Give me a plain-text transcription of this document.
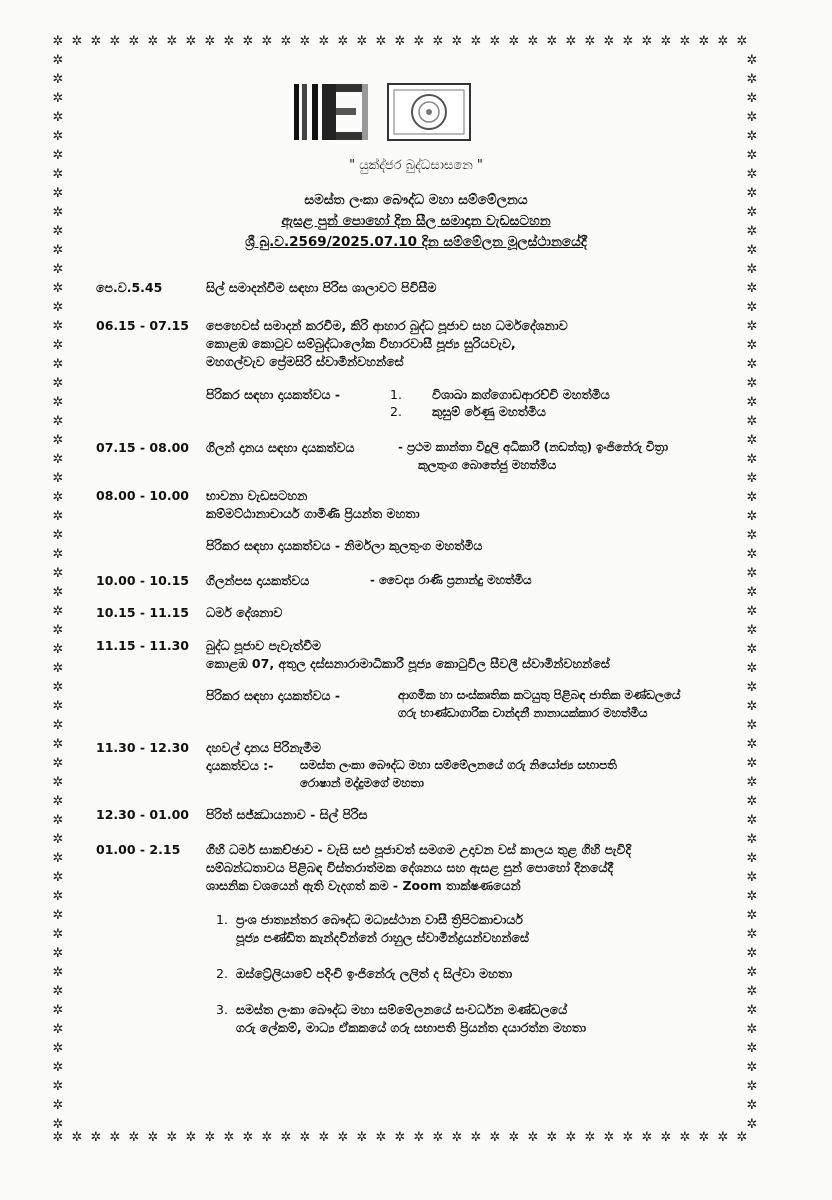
✲
✲
✲
✲
✲
✲
✲
✲
✲
✲
✲
✲
✲
✲
✲
✲
✲
✲
✲
✲
✲
✲
✲
✲
✲
✲
✲
✲
✲
✲
✲
✲
✲
✲
✲
✲
✲
✲
✲
✲
✲
✲
✲
✲
✲
✲
✲
✲
✲
✲
✲
✲
✲
✲
✲
✲
✲
✲
✲
✲
✲
✲
✲
✲
✲
✲
✲
✲
✲
✲
✲
✲
✲
✲
✲	✲
✲	✲
✲	✲
✲	✲
✲	✲
✲	✲
✲	✲
✲	✲
✲	✲
✲	✲
✲	✲
✲	✲
✲	✲
✲	✲
✲	✲
✲	✲
✲	✲
✲	✲
✲	✲
✲	✲
✲	✲
✲	✲
✲	✲
✲	✲
✲	✲
✲	✲
✲	✲
✲	✲
✲	✲
✲	✲
✲	✲
✲	✲
✲	✲
✲	✲
✲	✲
✲	✲
✲	✲
✲	✲
✲	✲
✲	✲
✲	✲
✲	✲
✲	✲
✲	✲
✲	✲
✲	✲
✲	✲
✲	✲
✲	✲
✲	✲
✲	✲
✲	✲
✲	✲
✲	✲
✲	✲
✲	✲
✲	✲
" යුක්ද්ජර බුද්ධසාසනෙ "
සමස්ත ලංකා බෞද්ධ මහා සම්මේලනය
ඇසළ පුන් පොහෝ දින සීල සමාදාන වැඩසටහන
ශ්‍රී බු.ව.2569/2025.07.10 දින සම්මේලන මූලස්ථානයේදී
පෙ.ව.5.45	සිල් සමාදන්වීම සඳහා පිරිස ශාලාවට පිවිසීම
06.15 - 07.15 පෙහෙවස් සමාදන් කරවීම, කිරි ආහාර බුද්ධ පූජාව සහ ධර්මදේශනාව
කොළඹ කොටුව සම්බුද්ධාලෝක විහාරවාසී පූජ්‍ය සුරියවැව,
මහගල්වැව ප්‍රේමසිරි ස්වාමින්වහන්සේ
පිරිකර සඳහා දායකත්වය -	1. විශාඛා කග්ගොඩආරච්චි මහත්මිය
2. කුසුම් රේණු මහත්මිය
07.15 - 08.00 ගිලන් දානය සඳහා දායකත්වය	- ප්‍රථම කාන්තා විදුලි අධිකාරී (නඩත්තු) ඉංජිනේරු චිත්‍රා
කුලතුංග බොතේජු මහත්මිය
08.00 - 10.00 භාවනා වැඩසටහන
කම්මට්ඨානාචාර්ය ගාමිණි ප්‍රියන්ත මහතා
පිරිකර සඳහා දායකත්වය - නිර්මලා කුලතුංග මහත්මිය
10.00 - 10.15 ගිලන්පස දායකත්වය	- වෛද්‍ය රාණි ප්‍රනාන්දු මහත්මිය
10.15 - 11.15 ධර්ම දේශනාව
11.15 - 11.30 බුද්ධ පූජාව පැවැත්වීම
කොළඹ 07, අතුල දස්සනාරාමාධිකාරී පූජ්‍ය කොටුවිල සීවලී ස්වාමින්වහන්සේ
පිරිකර සඳහා දායකත්වය -	ආගමික හා සංස්කෘතික කටයුතු පිළිබඳ ජාතික මණ්ඩලයේ
ගරු භාණ්ඩාගාරික චාන්දනී නානායක්කාර මහත්මිය
11.30 - 12.30 දහවල් දානය පිරිනැමීම
දායකත්වය :- සමස්ත ලංකා බෞද්ධ මහා සම්මේලනයේ ගරු නියෝජ්‍ය සභාපති
රොෂාන් මද්දුමගේ මහතා
12.30 - 01.00 පිරිත් සජ්ඣායනාව - සිල් පිරිස
01.00 - 2.15 ගිහි ධර්ම සාකච්ඡාව - වැසි සළු පූජාවත් සමගම උදාවන වස් කාලය තුළ ගිහි පැවිදි
සම්බන්ධතාවය පිළිබඳ විස්තරාත්මක දේශනය සහ ඇසළ පුන් පොහෝ දිනයේදී
ශාසනික වශයෙන් ඇති වැදගත් කම - Zoom තාක්ෂණයෙන්
1. ප්‍රංශ ජාත්‍යන්තර බෞද්ධ මධ්‍යස්ථාන වාසී ත්‍රිපිටකාචාර්ය
පූජ්‍ය පණ්ඩිත කැන්දවින්නේ රාහුල ස්වාමීන්ද්‍රයන්වහන්සේ
2. ඔස්ට්‍රේලියාවේ පදිංචි ඉංජිනේරු ලලිත් ද සිල්වා මහතා
3. සමස්ත ලංකා බෞද්ධ මහා සම්මේලනයේ සංවර්ධන මණ්ඩලයේ
ගරු ලේකම්, මාධ්‍ය ඒකකයේ ගරු සභාපති ප්‍රියන්ත දයාරත්න මහතා
